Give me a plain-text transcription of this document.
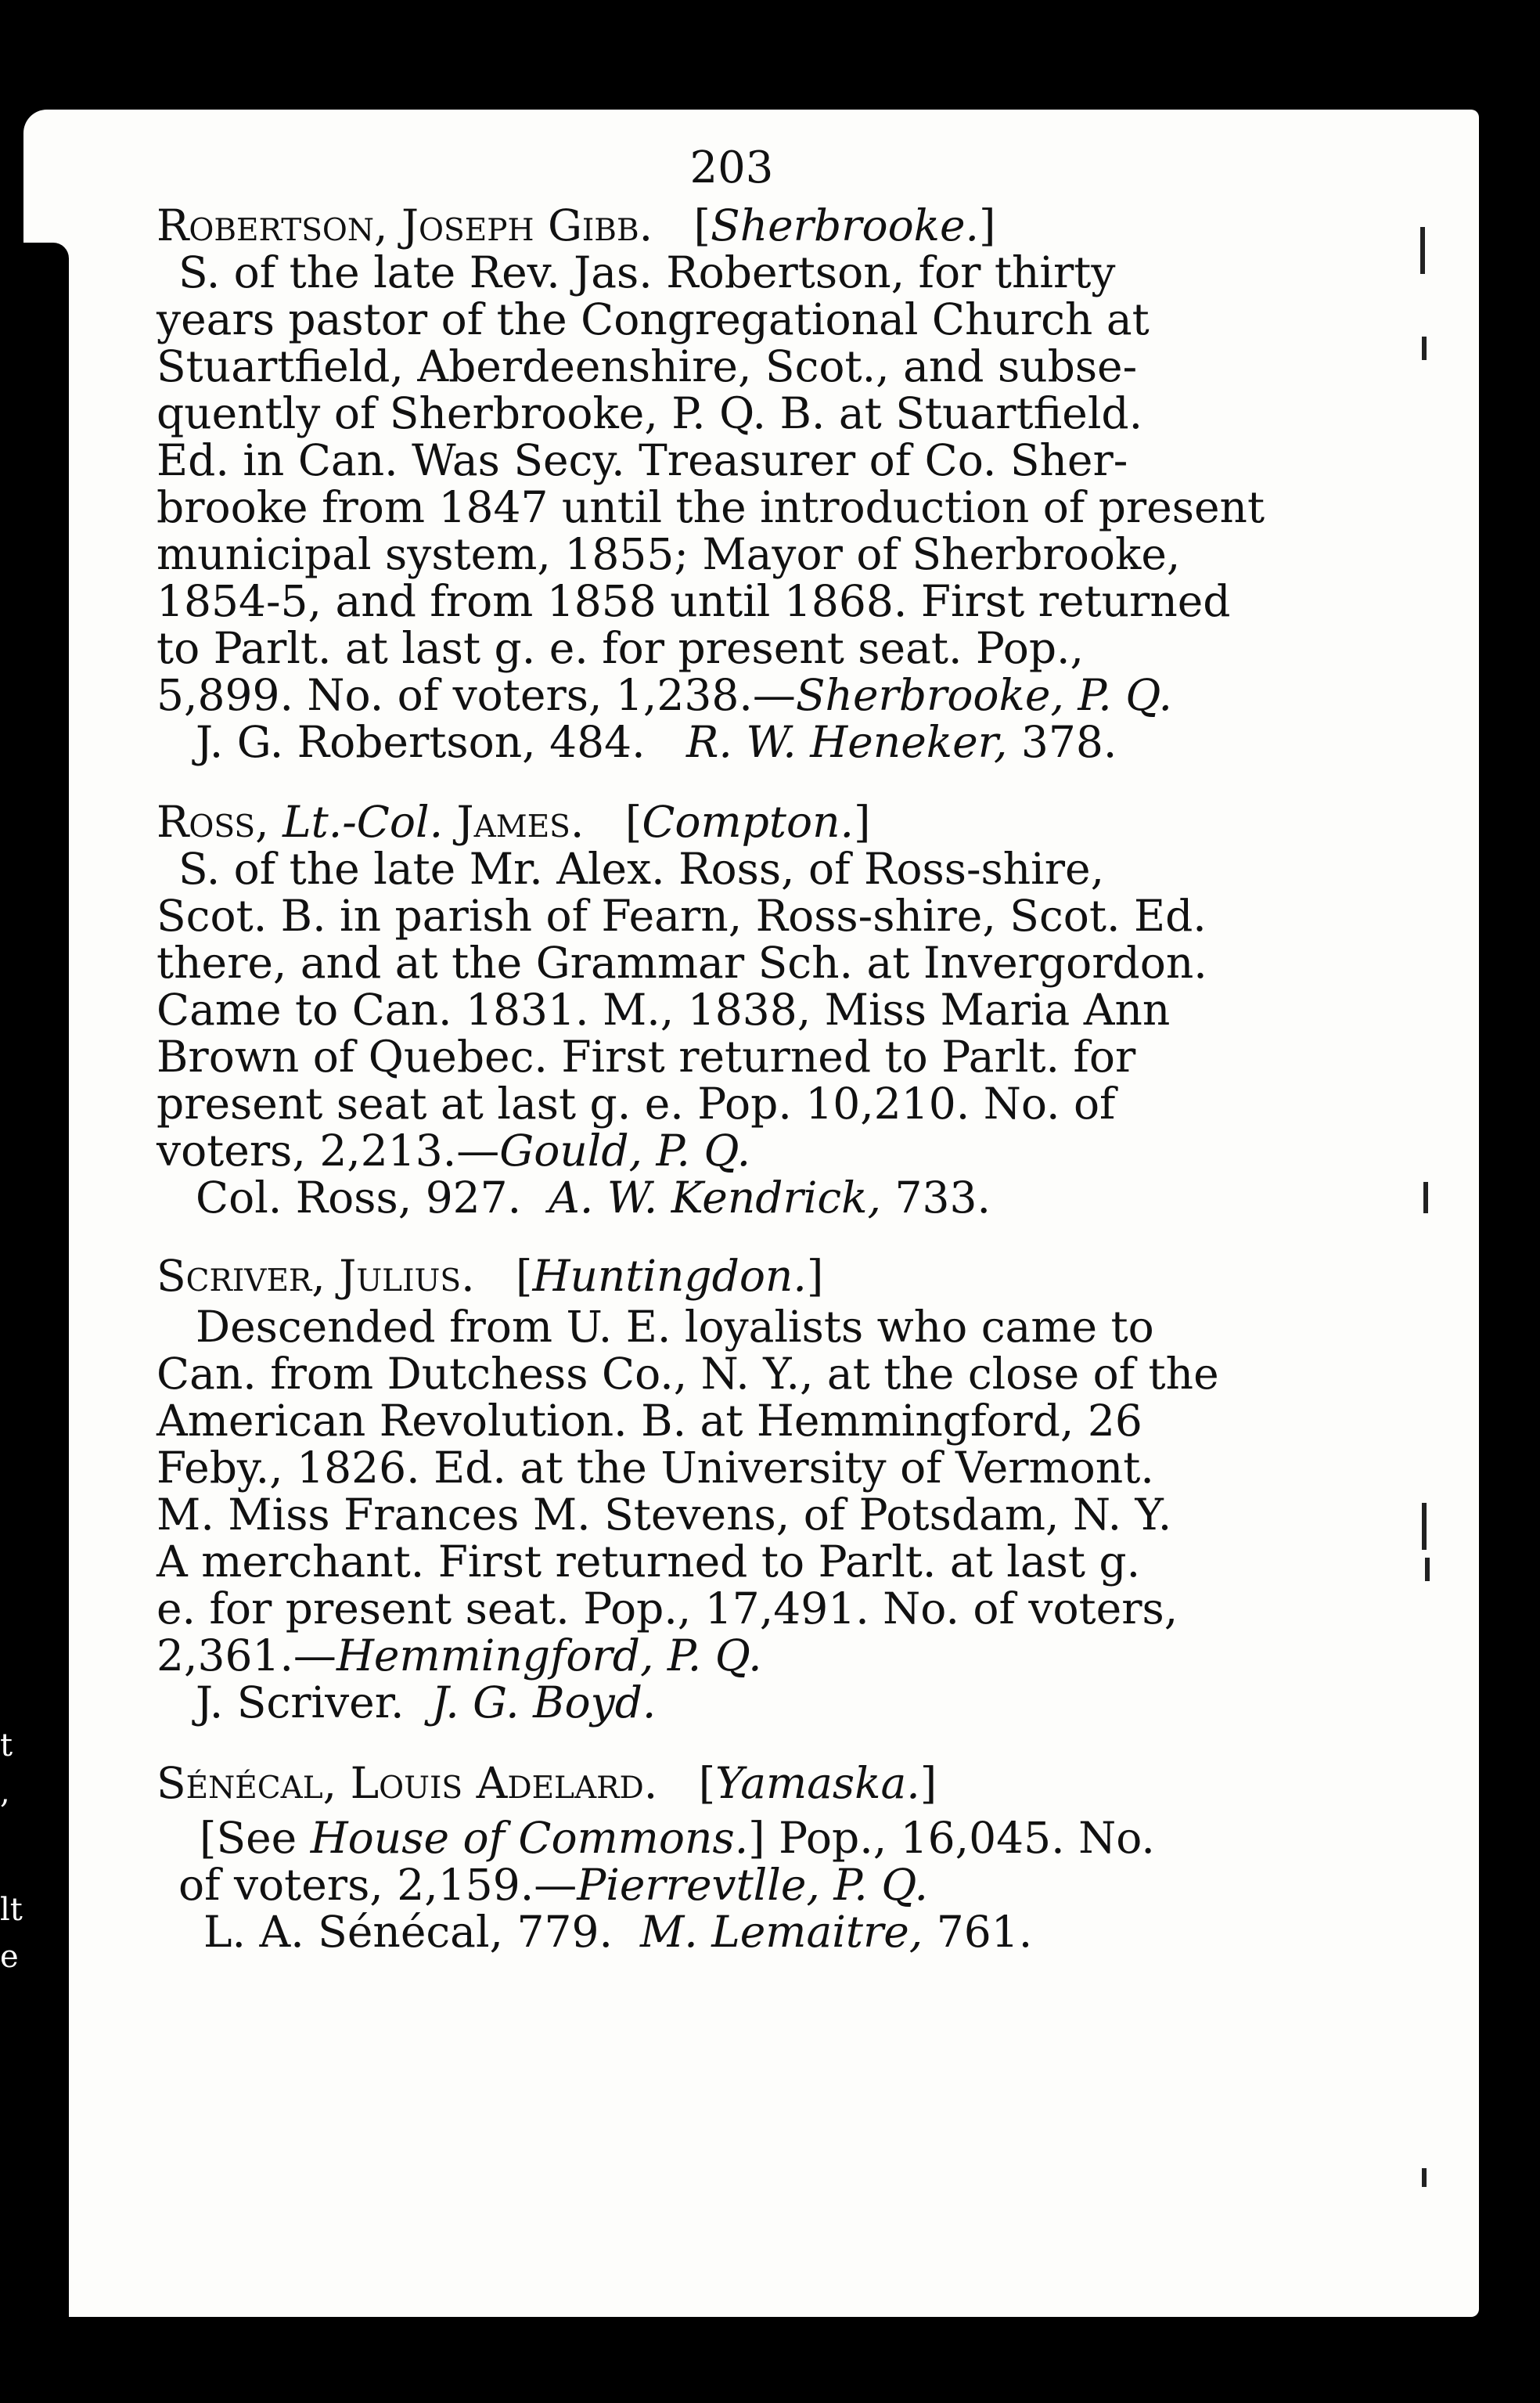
203
Robertson, Joseph Gibb. [Sherbrooke.]
S. of the late Rev. Jas. Robertson, for thirty
years pastor of the Congregational Church at
Stuartfield, Aberdeenshire, Scot., and subse-
quently of Sherbrooke, P. Q. B. at Stuartfield.
Ed. in Can. Was Secy. Treasurer of Co. Sher-
brooke from 1847 until the introduction of present
municipal system, 1855; Mayor of Sherbrooke,
1854-5, and from 1858 until 1868. First returned
to Parlt. at last g. e. for present seat. Pop.,
5,899. No. of voters, 1,238.—Sherbrooke, P. Q.
J. G. Robertson, 484. R. W. Heneker, 378.
Ross, Lt.-Col. James. [Compton.]
S. of the late Mr. Alex. Ross, of Ross-shire,
Scot. B. in parish of Fearn, Ross-shire, Scot. Ed.
there, and at the Grammar Sch. at Invergordon.
Came to Can. 1831. M., 1838, Miss Maria Ann
Brown of Quebec. First returned to Parlt. for
present seat at last g. e. Pop. 10,210. No. of
voters, 2,213.—Gould, P. Q.
Col. Ross, 927. A. W. Kendrick, 733.
Scriver, Julius. [Huntingdon.]
Descended from U. E. loyalists who came to
Can. from Dutchess Co., N. Y., at the close of the
American Revolution. B. at Hemmingford, 26
Feby., 1826. Ed. at the University of Vermont.
M. Miss Frances M. Stevens, of Potsdam, N. Y.
A merchant. First returned to Parlt. at last g.
e. for present seat. Pop., 17,491. No. of voters,
2,361.—Hemmingford, P. Q.
J. Scriver. J. G. Boyd.
Sénécal, Louis Adelard. [Yamaska.]
[See House of Commons.] Pop., 16,045. No.
of voters, 2,159.—Pierrevtlle, P. Q.
L. A. Sénécal, 779. M. Lemaitre, 761.
t
,
lt
e
